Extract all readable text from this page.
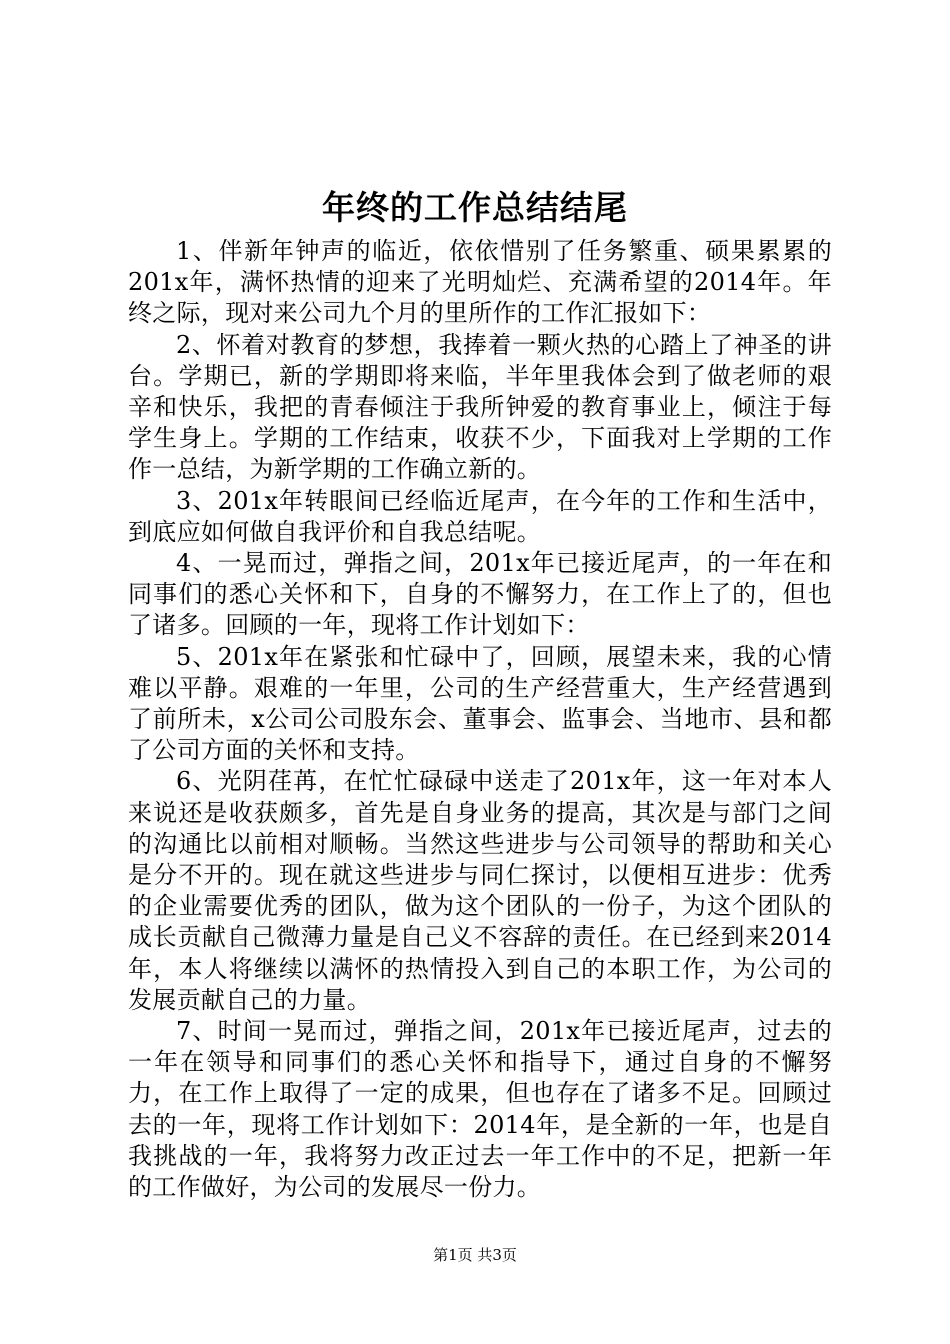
年终的工作总结结尾

1、伴新年钟声的临近，依依惜别了任务繁重、硕果累累的201x年，满怀热情的迎来了光明灿烂、充满希望的2014年。年终之际，现对来公司九个月的里所作的工作汇报如下：

2、怀着对教育的梦想，我捧着一颗火热的心踏上了神圣的讲台。学期已，新的学期即将来临，半年里我体会到了做老师的艰辛和快乐，我把的青春倾注于我所钟爱的教育事业上，倾注于每学生身上。学期的工作结束，收获不少，下面我对上学期的工作作一总结，为新学期的工作确立新的。

3、201x年转眼间已经临近尾声，在今年的工作和生活中，到底应如何做自我评价和自我总结呢。

4、一晃而过，弹指之间，201x年已接近尾声，的一年在和同事们的悉心关怀和下，自身的不懈努力，在工作上了的，但也了诸多。回顾的一年，现将工作计划如下：

5、201x年在紧张和忙碌中了，回顾，展望未来，我的心情难以平静。艰难的一年里，公司的生产经营重大，生产经营遇到了前所未，x公司公司股东会、董事会、监事会、当地市、县和都了公司方面的关怀和支持。

6、光阴荏苒，在忙忙碌碌中送走了201x年，这一年对本人来说还是收获颇多，首先是自身业务的提高，其次是与部门之间的沟通比以前相对顺畅。当然这些进步与公司领导的帮助和关心是分不开的。现在就这些进步与同仁探讨，以便相互进步：优秀的企业需要优秀的团队，做为这个团队的一份子，为这个团队的成长贡献自己微薄力量是自己义不容辞的责任。在已经到来2014年，本人将继续以满怀的热情投入到自己的本职工作，为公司的发展贡献自己的力量。

7、时间一晃而过，弹指之间，201x年已接近尾声，过去的一年在领导和同事们的悉心关怀和指导下，通过自身的不懈努力，在工作上取得了一定的成果，但也存在了诸多不足。回顾过去的一年，现将工作计划如下：2014年，是全新的一年，也是自我挑战的一年，我将努力改正过去一年工作中的不足，把新一年的工作做好，为公司的发展尽一份力。

第1页 共3页
